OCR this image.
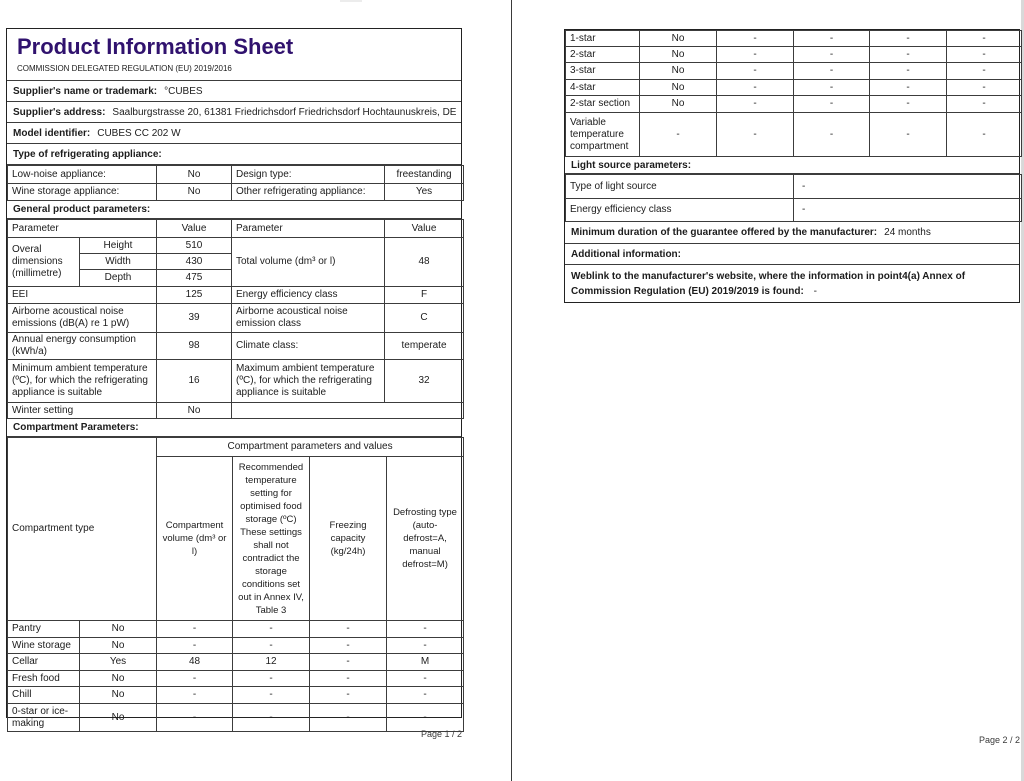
Product Information Sheet
COMMISSION DELEGATED REGULATION (EU) 2019/2016
Supplier's name or trademark: °CUBES
Supplier's address: Saalburgstrasse 20, 61381 Friedrichsdorf Friedrichsdorf Hochtaunuskreis, DE
Model identifier: CUBES CC 202 W
Type of refrigerating appliance:
Low-noise appliance:	No	Design type:	freestanding
Wine storage appliance:	No	Other refrigerating appliance:	Yes
General product parameters:
Parameter		Value	Parameter	Value
Overal dimensions (millimetre)	Height	510	Total volume (dm³ or l)	48
	Width	430		
	Depth	475		
EEI		125	Energy efficiency class	F
Airborne acoustical noise emissions (dB(A) re 1 pW)		39	Airborne acoustical noise emission class	C
Annual energy consumption (kWh/a)		98	Climate class:	temperate
Minimum ambient temperature (ºC), for which the refrigerating appliance is suitable		16	Maximum ambient temperature (ºC), for which the refrigerating appliance is suitable	32
Winter setting		No		
Compartment Parameters:
Compartment type		Compartment parameters and values			
		Compartment volume (dm³ or l)	Recommended temperature setting for optimised food storage (ºC) These settings shall not contradict the storage conditions set out in Annex IV, Table 3	Freezing capacity (kg/24h)	Defrosting type (auto-defrost=A, manual defrost=M)
Pantry	No	-	-	-	-
Wine storage	No	-	-	-	-
Cellar	Yes	48	12	-	M
Fresh food	No	-	-	-	-
Chill	No	-	-	-	-
0-star or ice-making	No	-	-	-	-
Page 1 / 2
1-star	No	-	-	-	-
2-star	No	-	-	-	-
3-star	No	-	-	-	-
4-star	No	-	-	-	-
2-star section	No	-	-	-	-
Variable temperature compartment	-	-	-	-	-
Light source parameters:
Type of light source	-
Energy efficiency class	-
Minimum duration of the guarantee offered by the manufacturer: 24 months
Additional information:
Weblink to the manufacturer's website, where the information in point4(a) Annex of Commission Regulation (EU) 2019/2019 is found: -
Page 2 / 2
